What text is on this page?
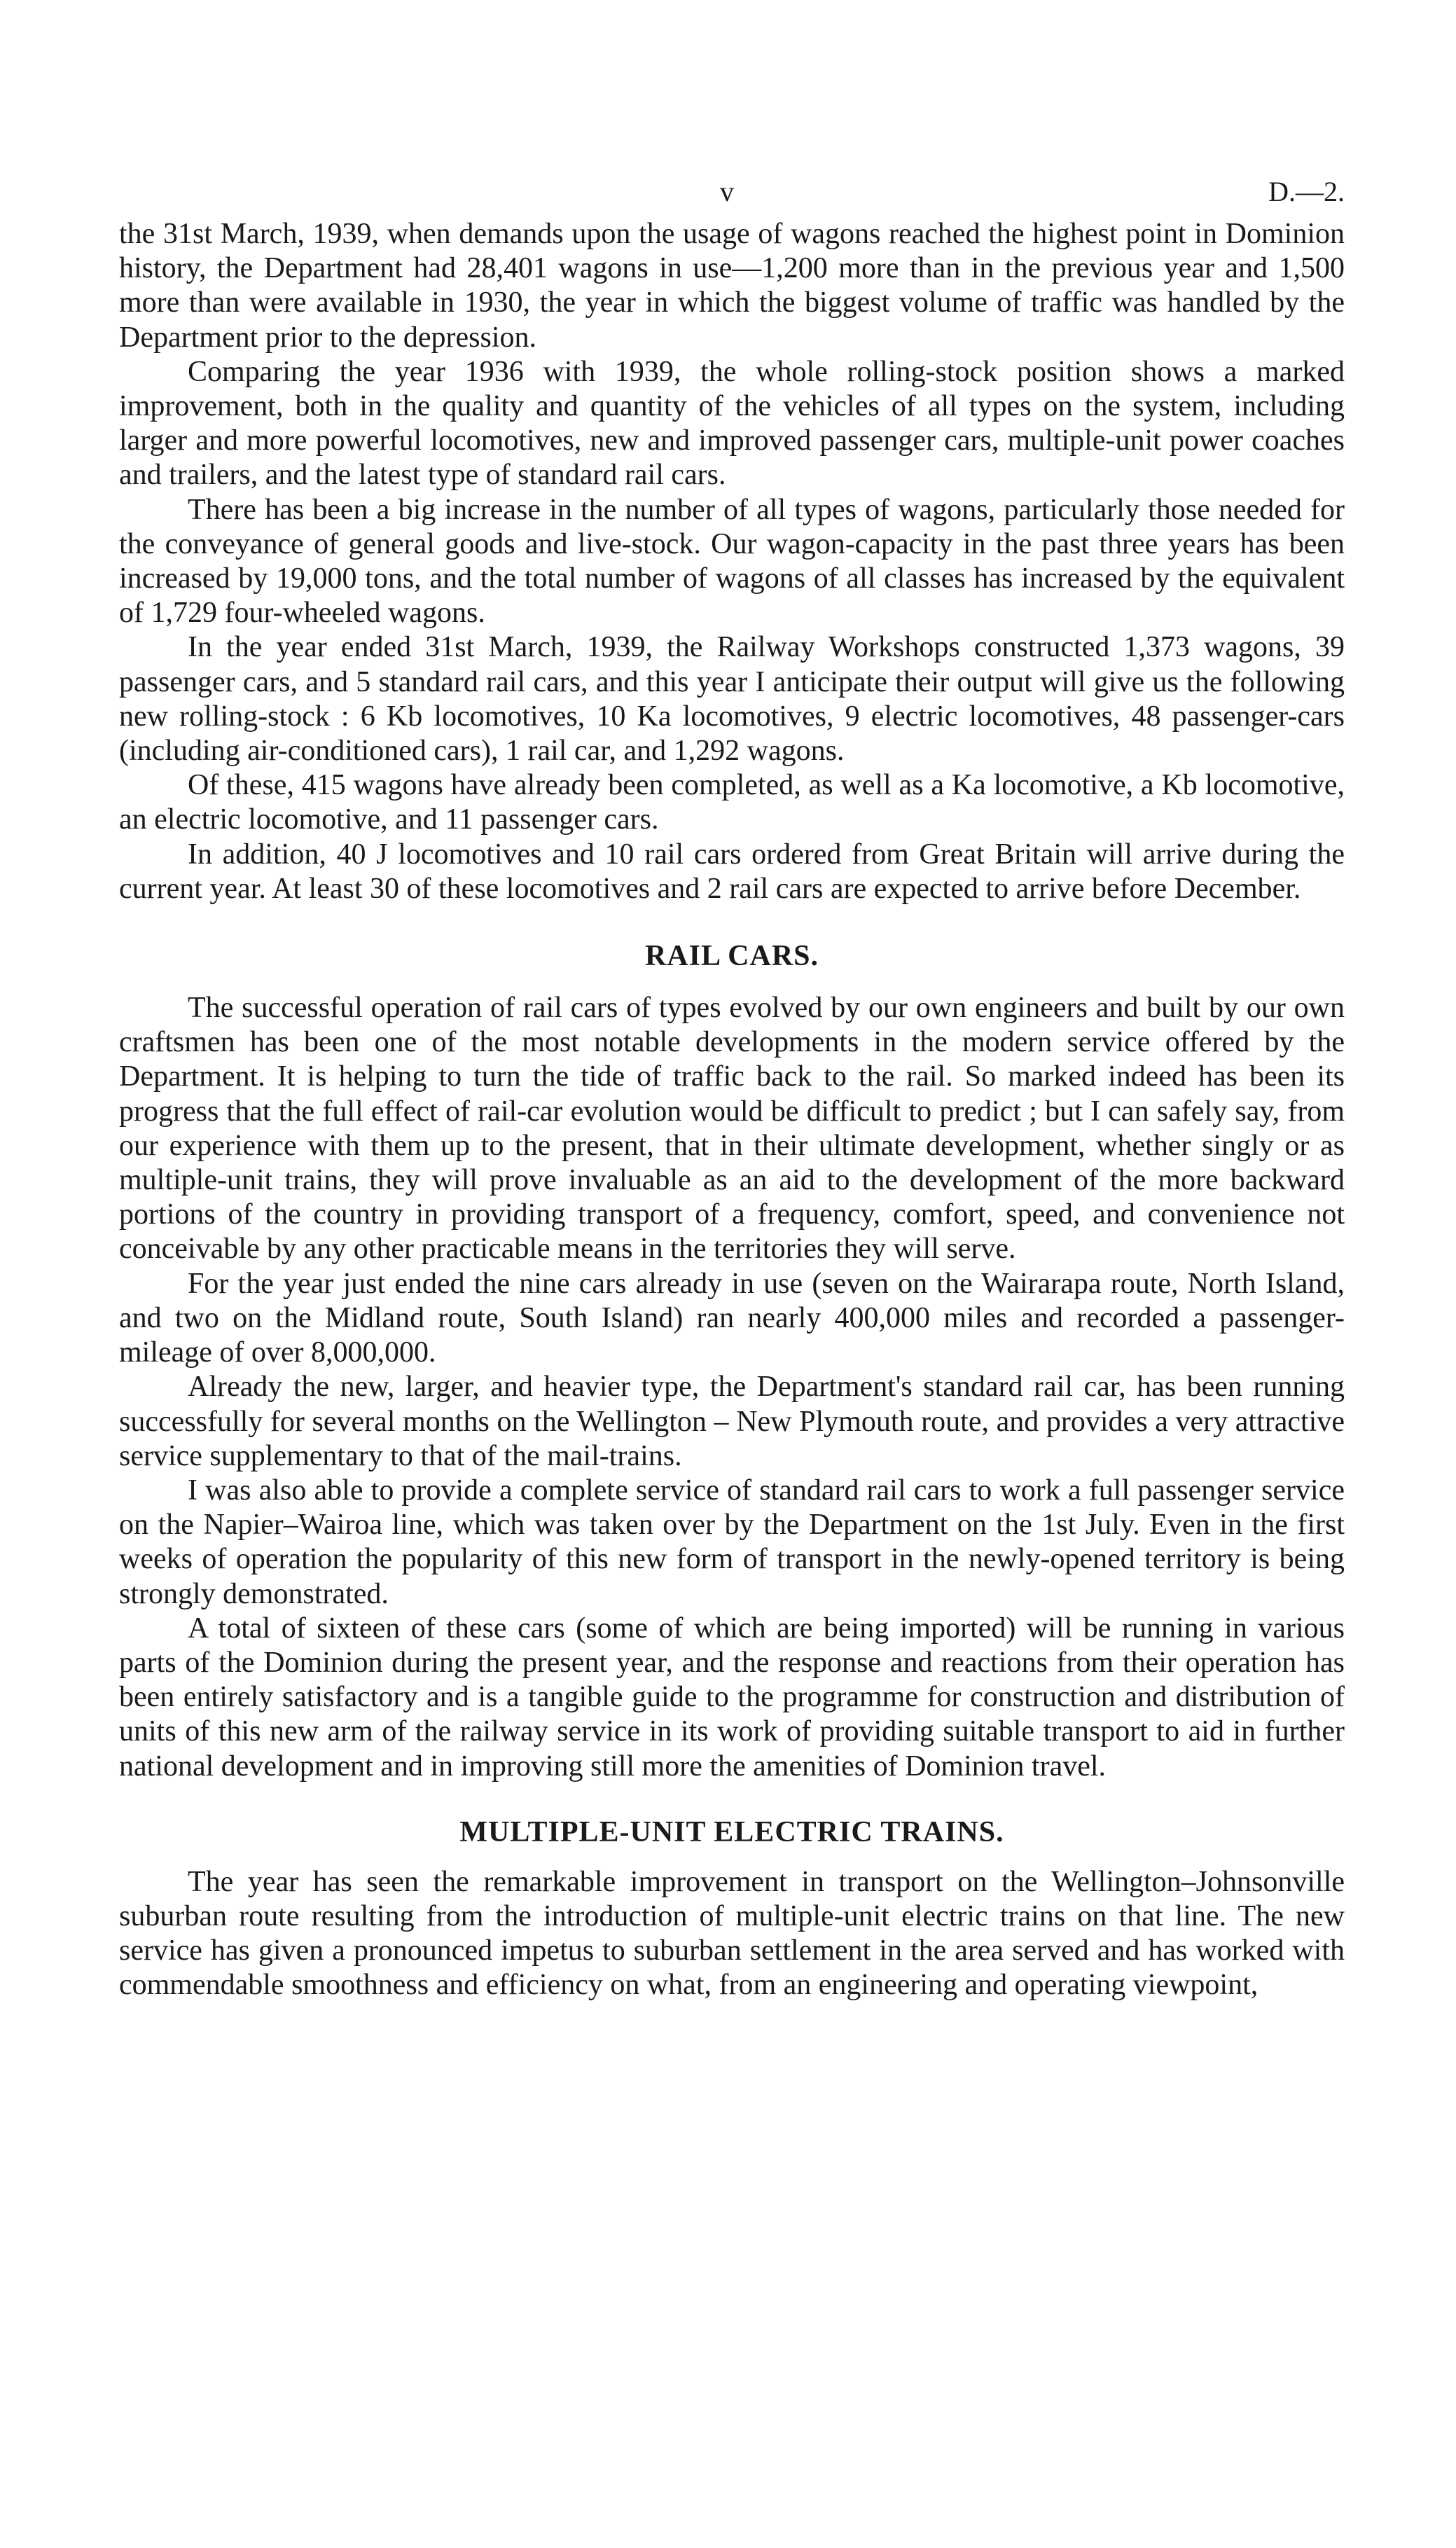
v	D.—2.

the 31st March, 1939, when demands upon the usage of wagons reached the highest point in Dominion history, the Department had 28,401 wagons in use—1,200 more than in the previous year and 1,500 more than were available in 1930, the year in which the biggest volume of traffic was handled by the Department prior to the depression.

Comparing the year 1936 with 1939, the whole rolling-stock position shows a marked improvement, both in the quality and quantity of the vehicles of all types on the system, including larger and more powerful locomotives, new and improved passenger cars, multiple-unit power coaches and trailers, and the latest type of standard rail cars.

There has been a big increase in the number of all types of wagons, particularly those needed for the conveyance of general goods and live-stock. Our wagon-capacity in the past three years has been increased by 19,000 tons, and the total number of wagons of all classes has increased by the equivalent of 1,729 four-wheeled wagons.

In the year ended 31st March, 1939, the Railway Workshops constructed 1,373 wagons, 39 passenger cars, and 5 standard rail cars, and this year I anticipate their output will give us the following new rolling-stock : 6 Kb locomotives, 10 Ka locomotives, 9 electric locomotives, 48 passenger-cars (including air-conditioned cars), 1 rail car, and 1,292 wagons.

Of these, 415 wagons have already been completed, as well as a Ka locomotive, a Kb locomotive, an electric locomotive, and 11 passenger cars.

In addition, 40 J locomotives and 10 rail cars ordered from Great Britain will arrive during the current year. At least 30 of these locomotives and 2 rail cars are expected to arrive before December.

RAIL CARS.

The successful operation of rail cars of types evolved by our own engineers and built by our own craftsmen has been one of the most notable developments in the modern service offered by the Department. It is helping to turn the tide of traffic back to the rail. So marked indeed has been its progress that the full effect of rail-car evolution would be difficult to predict ; but I can safely say, from our experience with them up to the present, that in their ultimate development, whether singly or as multiple-unit trains, they will prove invaluable as an aid to the development of the more backward portions of the country in providing transport of a frequency, comfort, speed, and convenience not conceivable by any other practicable means in the territories they will serve.

For the year just ended the nine cars already in use (seven on the Wairarapa route, North Island, and two on the Midland route, South Island) ran nearly 400,000 miles and recorded a passenger-mileage of over 8,000,000.

Already the new, larger, and heavier type, the Department's standard rail car, has been running successfully for several months on the Wellington – New Plymouth route, and provides a very attractive service supplementary to that of the mail-trains.

I was also able to provide a complete service of standard rail cars to work a full passenger service on the Napier–Wairoa line, which was taken over by the Department on the 1st July. Even in the first weeks of operation the popularity of this new form of transport in the newly-opened territory is being strongly demonstrated.

A total of sixteen of these cars (some of which are being imported) will be running in various parts of the Dominion during the present year, and the response and reactions from their operation has been entirely satisfactory and is a tangible guide to the programme for construction and distribution of units of this new arm of the railway service in its work of providing suitable transport to aid in further national development and in improving still more the amenities of Dominion travel.

MULTIPLE-UNIT ELECTRIC TRAINS.

The year has seen the remarkable improvement in transport on the Wellington–Johnsonville suburban route resulting from the introduction of multiple-unit electric trains on that line. The new service has given a pronounced impetus to suburban settlement in the area served and has worked with commendable smoothness and efficiency on what, from an engineering and operating viewpoint,
